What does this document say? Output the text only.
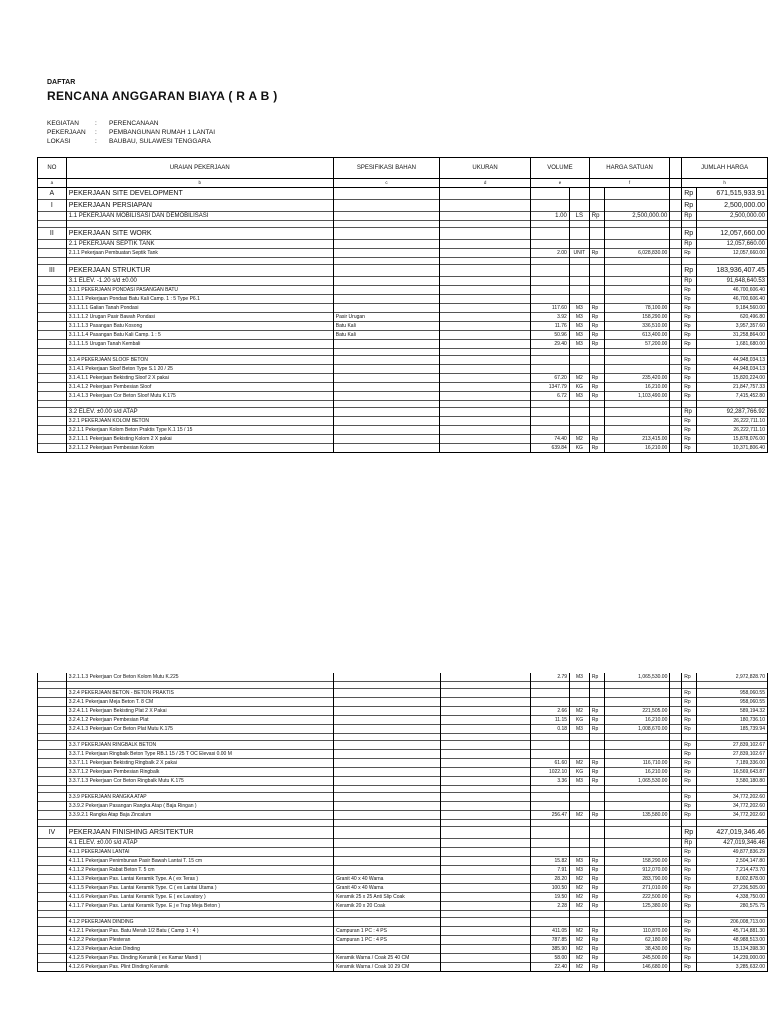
DAFTAR
RENCANA ANGGARAN BIAYA ( R A B )
KEGIATAN : PERENCANAAN
PEKERJAAN : PEMBANGUNAN RUMAH 1 LANTAI
LOKASI	: BAUBAU, SULAWESI TENGGARA
NO	URAIAN PEKERJAAN	SPESIFIKASI BAHAN	UKURAN	VOLUME		HARGA SATUAN			JUMLAH HARGA	
a	b	c	d	e		f			h	
A	PEKERJAAN SITE DEVELOPMENT								Rp	671,515,933.91
I	PEKERJAAN PERSIAPAN								Rp	2,500,000.00
	1.1 PEKERJAAN MOBILISASI DAN DEMOBILISASI			1.00	LS	Rp	2,500,000.00		Rp	2,500,000.00

II	PEKERJAAN SITE WORK								Rp	12,057,660.00
	2.1 PEKERJAAN SEPTIK TANK								Rp	12,057,660.00
	2.1.1 Pekerjaan Pembuatan Septik Tank			2.00	UNIT	Rp	6,028,830.00		Rp	12,057,660.00

III	PEKERJAAN STRUKTUR								Rp	183,936,407.45
	3.1 ELEV. -1.20 s/d ±0.00								Rp	91,648,640.53
	3.1.1 PEKERJAAN PONDASI PASANGAN BATU								Rp	46,700,606.40
	3.1.1.1 Pekerjaan Pondasi Batu Kali Camp. 1 : 5 Type P6.1								Rp	46,700,606.40
	3.1.1.1.1 Galian Tanah Pondasi			117.60	M3	Rp	78,100.00		Rp	9,184,560.00
	3.1.1.1.2 Urugan Pasir Bawah Pondasi	Pasir Urugan		3.92	M3	Rp	158,290.00		Rp	620,496.80
	3.1.1.1.3 Pasangan Batu Kosong	Batu Kali		11.76	M3	Rp	336,510.00		Rp	3,957,357.60
	3.1.1.1.4 Pasangan Batu Kali Camp. 1 : 5	Batu Kali		50.96	M3	Rp	613,400.00		Rp	31,258,864.00
	3.1.1.1.5 Urugan Tanah Kembali			29.40	M3	Rp	57,200.00		Rp	1,681,680.00

	3.1.4 PEKERJAAN SLOOF BETON								Rp	44,948,034.13
	3.1.4.1 Pekerjaan Sloof Beton Type S.1 20 / 25								Rp	44,948,034.13
	3.1.4.1.1 Pekerjaan Bekisting Sloof 2 X pakai			67.20	M2	Rp	235,420.00		Rp	15,820,224.00
	3.1.4.1.2 Pekerjaan Pembesian Sloof			1347.79	KG	Rp	16,210.00		Rp	21,847,757.33
	3.1.4.1.3 Pekerjaan Cor Beton Sloof Mutu K.175			6.72	M3	Rp	1,103,490.00		Rp	7,415,452.80

	3.2 ELEV. ±0.00 s/d ATAP								Rp	92,287,766.92
	3.2.1 PEKERJAAN KOLOM BETON								Rp	26,222,711.10
	3.2.1.1 Pekerjaan Kolom Beton Praktis Type K.1 15 / 15								Rp	26,222,711.10
	3.2.1.1.1 Pekerjaan Bekisting Kolom 2 X pakai			74.40	M2	Rp	213,415.00		Rp	15,878,076.00
	3.2.1.1.2 Pekerjaan Pembesian Kolom			639.84	KG	Rp	16,210.00		Rp	10,371,806.40
	3.2.1.1.3 Pekerjaan Cor Beton Kolom Mutu K.225			2.79	M3	Rp	1,065,530.00		Rp	2,972,828.70

	3.2.4 PEKERJAAN BETON - BETON PRAKTIS								Rp	958,060.55
	3.2.4.1 Pekerjaan Meja Beton T. 8 CM								Rp	958,060.55
	3.2.4.1.1 Pekerjaan Bekisting Plat 2 X Pakai			2.66	M2	Rp	221,505.00		Rp	589,194.32
	3.2.4.1.2 Pekerjaan Pembesian Plat			11.15	KG	Rp	16,210.00		Rp	180,736.10
	3.2.4.1.3 Pekerjaan Cor Beton Plat Mutu K.175			0.18	M3	Rp	1,008,670.00		Rp	185,739.94

	3.3.7 PEKERJAAN RINGBALK BETON								Rp	27,839,102.67
	3.3.7.1 Pekerjaan Ringbalk Beton Type RB.1 15 / 25 T OC Elevasi 0.00 M								Rp	27,839,102.67
	3.3.7.1.1 Pekerjaan Bekisting Ringbalk 2 X pakai			61.60	M2	Rp	116,710.00		Rp	7,189,336.00
	3.3.7.1.2 Pekerjaan Pembesian Ringbalk			1022.10	KG	Rp	16,210.00		Rp	16,569,643.87
	3.3.7.1.3 Pekerjaan Cor Beton Ringbalk Mutu K.175			3.36	M3	Rp	1,065,530.00		Rp	3,580,180.80

	3.3.9 PEKERJAAN RANGKA ATAP								Rp	34,772,202.60
	3.3.9.2 Pekerjaan Pasangan Rangka Atap ( Baja Ringan )								Rp	34,772,202.60
	3.3.9.2.1 Rangka Atap Baja Zincalum			256.47	M2	Rp	135,580.00		Rp	34,772,202.60

IV	PEKERJAAN FINISHING ARSITEKTUR								Rp	427,019,346.46
	4.1 ELEV. ±0.00 s/d ATAP								Rp	427,019,346.46
	4.1.1 PEKERJAAN LANTAI								Rp	49,877,836.29
	4.1.1.1 Pekerjaan Penimbunan Pasir Bawah Lantai T. 15 cm			15.82	M3	Rp	158,290.00		Rp	2,504,147.80
	4.1.1.2 Pekerjaan Rabat Beton T. 5 cm			7.91	M3	Rp	912,070.00		Rp	7,214,473.70
	4.1.1.3 Pekerjaan Pas. Lantai Keramik Type. A ( ex Teras )	Granit 40 x 40 Warna		28.20	M2	Rp	283,790.00		Rp	8,002,878.00
	4.1.1.5 Pekerjaan Pas. Lantai Keramik Type. C ( ex Lantai Utama )	Granit 40 x 40 Warna		100.50	M2	Rp	271,010.00		Rp	27,236,505.00
	4.1.1.6 Pekerjaan Pas. Lantai Keramik Type. E ( ex Lavatory )	Keramik 25 x 25 Anti Slip Coak		19.50	M2	Rp	222,500.00		Rp	4,338,750.00
	4.1.1.7 Pekerjaan Pas. Lantai Keramik Type. E j e Trap Meja Beton )	Keramik 20 x 20 Coak		2.28	M2	Rp	125,380.00		Rp	280,575.75

	4.1.2 PEKERJAAN DINDING								Rp	206,008,713.00
	4.1.2.1 Pekerjaan Pas. Batu Merah 1/2 Batu ( Camp 1 : 4 )	Campuran 1 PC : 4 PS		411.05	M2	Rp	110,870.00		Rp	45,714,881.30
	4.1.2.2 Pekerjaan Plesteran	Campuran 1 PC : 4 PS		787.85	M2	Rp	62,180.00		Rp	48,988,513.00
	4.1.2.3 Pekerjaan Acian Dinding			385.90	M2	Rp	38,430.00		Rp	15,134,398.30
	4.1.2.5 Pekerjaan Pas. Dinding Keramik ( ex Kamar Mandi )	Keramik Warna / Coak 25 40 CM		58.00	M2	Rp	245,500.00		Rp	14,239,000.00
	4.1.2.6 Pekerjaan Pas. Plint Dinding Keramik	Keramik Warna / Coak 10 29 CM		22.40	M2	Rp	146,680.00		Rp	3,285,632.00
